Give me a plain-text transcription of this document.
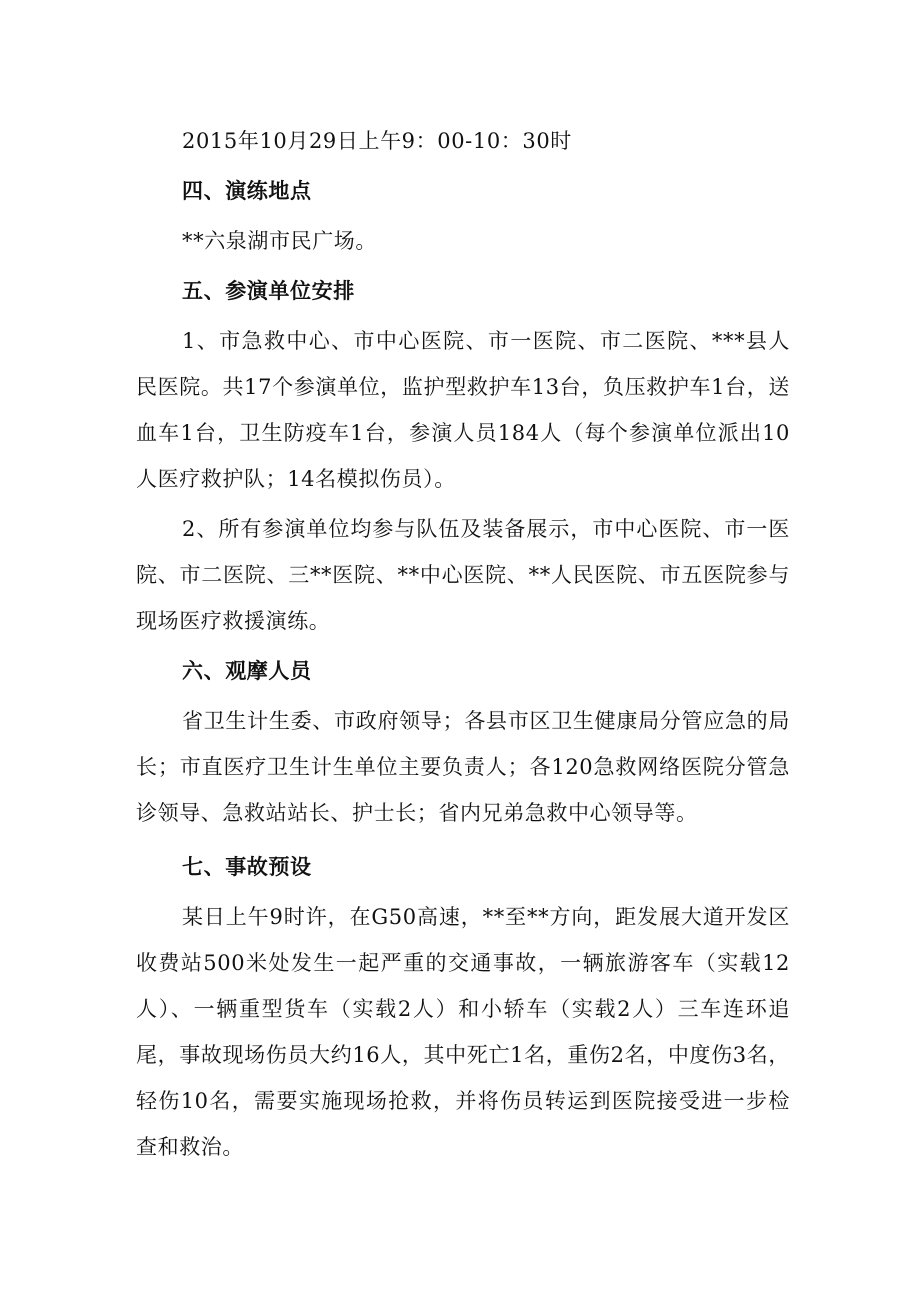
2015年10月29日上午9：00-10：30时

四、演练地点

**六泉湖市民广场。

五、参演单位安排

1、市急救中心、市中心医院、市一医院、市二医院、***县人民医院。共17个参演单位，监护型救护车13台，负压救护车1台，送血车1台，卫生防疫车1台，参演人员184人（每个参演单位派出10人医疗救护队；14名模拟伤员）。

2、所有参演单位均参与队伍及装备展示，市中心医院、市一医院、市二医院、三**医院、**中心医院、**人民医院、市五医院参与现场医疗救援演练。

六、观摩人员

省卫生计生委、市政府领导；各县市区卫生健康局分管应急的局长；市直医疗卫生计生单位主要负责人；各120急救网络医院分管急诊领导、急救站站长、护士长；省内兄弟急救中心领导等。

七、事故预设

某日上午9时许，在G50高速，**至**方向，距发展大道开发区收费站500米处发生一起严重的交通事故，一辆旅游客车（实载12人）、一辆重型货车（实载2人）和小轿车（实载2人）三车连环追尾，事故现场伤员大约16人，其中死亡1名，重伤2名，中度伤3名，轻伤10名，需要实施现场抢救，并将伤员转运到医院接受进一步检查和救治。
